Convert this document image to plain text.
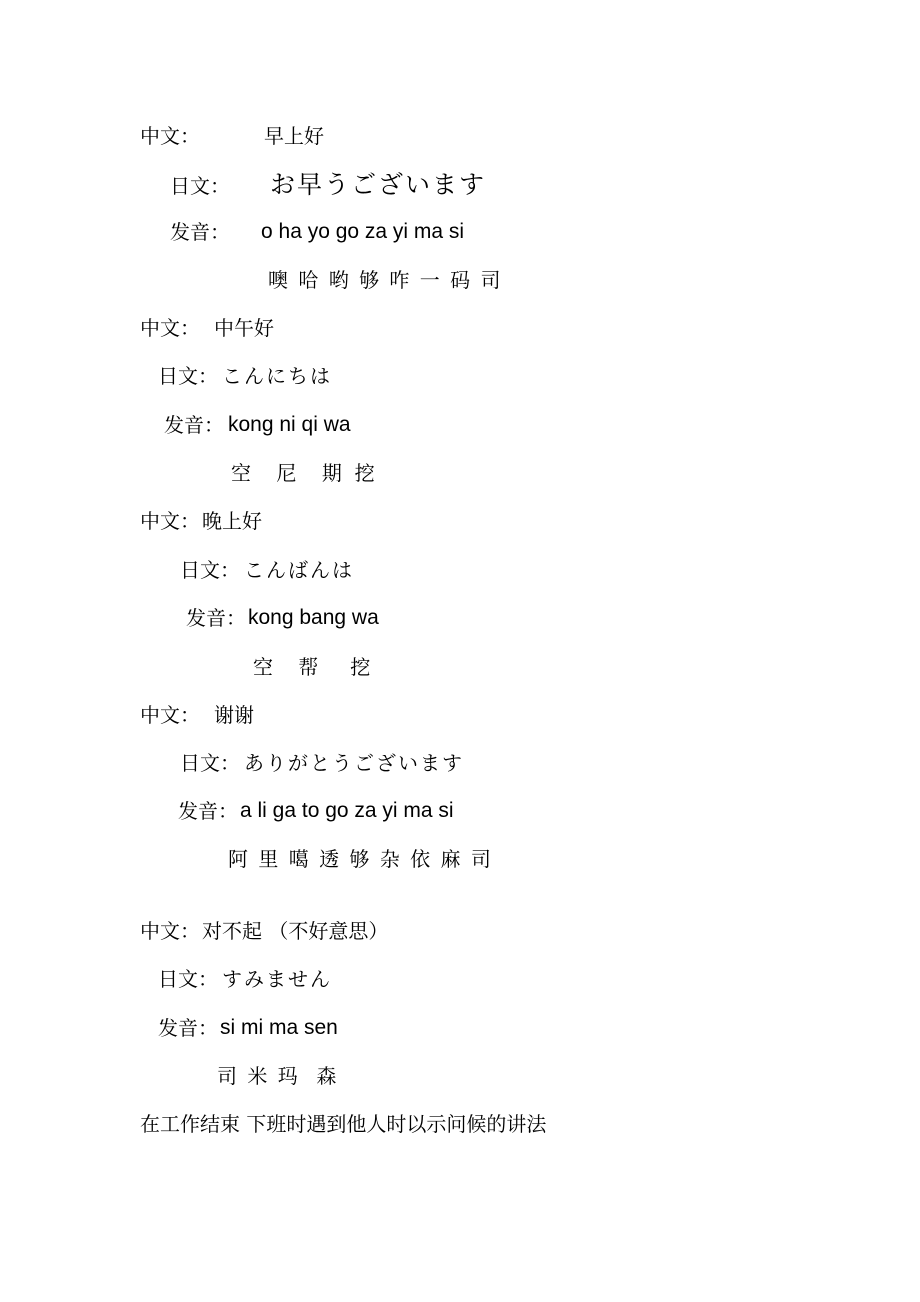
中文：	早上好
日文： お早うございます
发音： o ha yo go za yi ma si
噢 哈 哟 够 咋 一 码 司
中文： 中午好
日文： こんにちは
发音： kong ni qi wa
空    尼    期  挖
中文： 晚上好
日文： こんばんは
发音： kong bang wa
空    帮     挖
中文： 谢谢
日文： ありがとうございます
发音： a li ga to go za yi ma si
阿 里 噶 透 够 杂 依 麻 司
中文： 对不起 （不好意思）
日文： すみません
发音： si mi ma sen
司 米 玛  森
在工作结束 下班时遇到他人时以示问候的讲法
